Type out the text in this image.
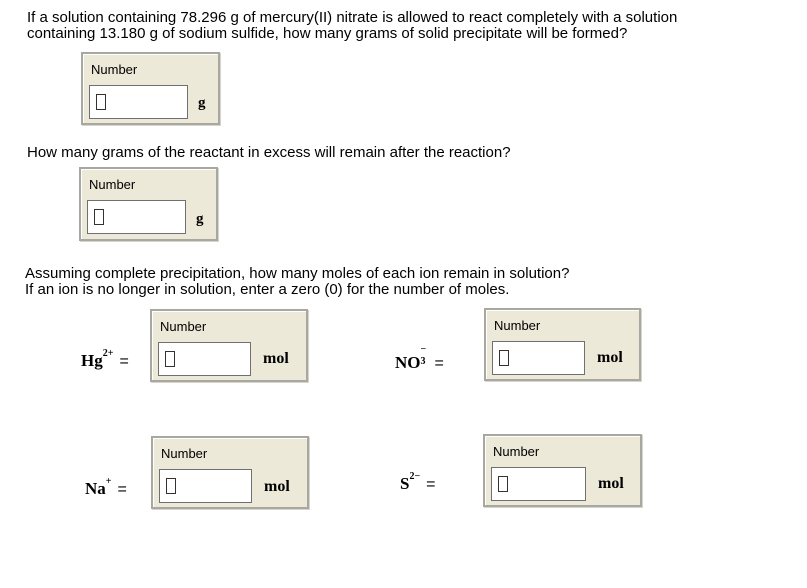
If a solution containing 78.296 g of mercury(II) nitrate is allowed to react completely with a solution
containing 13.180 g of sodium sulfide, how many grams of solid precipitate will be formed?
Number
g
How many grams of the reactant in excess will remain after the reaction?
Number
g
Assuming complete precipitation, how many moles of each ion remain in solution?
If an ion is no longer in solution, enter a zero (0) for the number of moles.
$Hg^{2+}$ =
Number
mol	NO
−
3 =
Number
mol
Na+ =
Number
mol	$S^{2-}$ =
Number
mol
